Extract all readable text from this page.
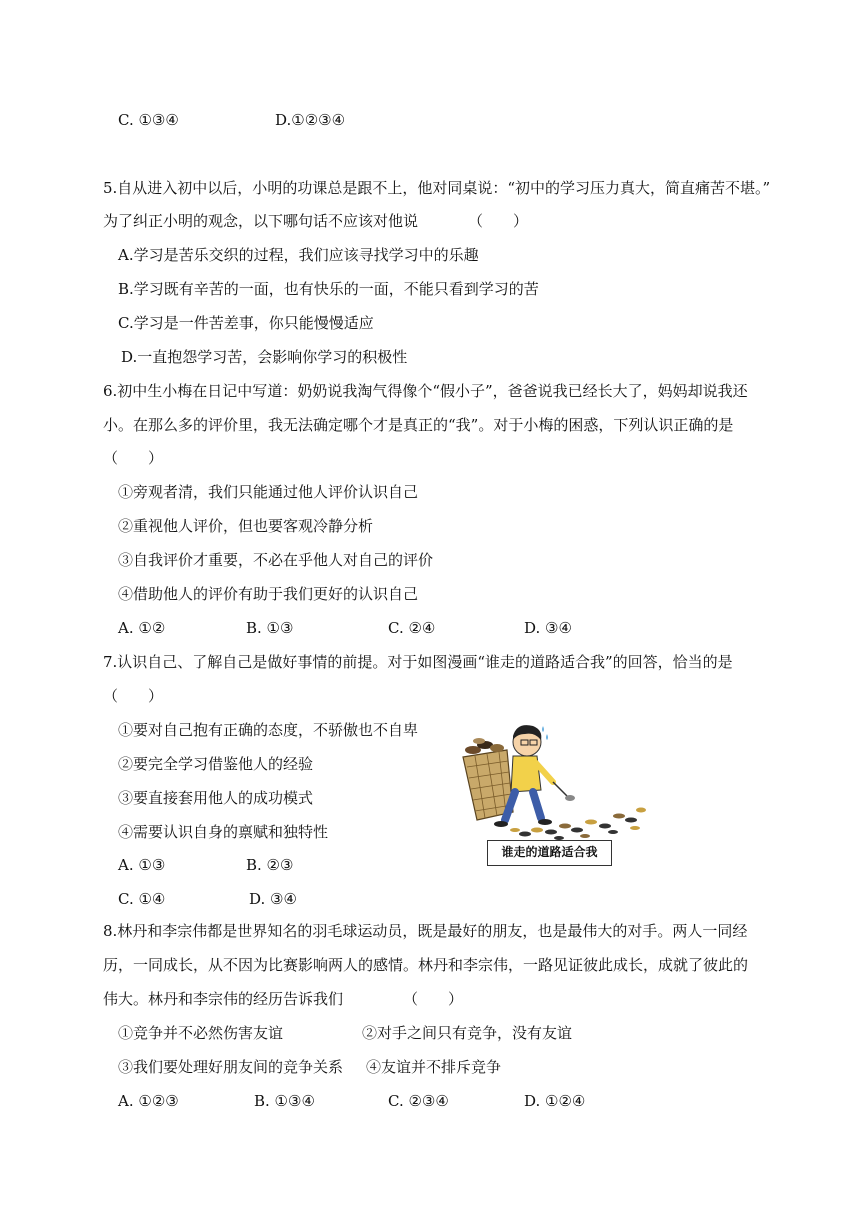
C. ①③④	D.①②③④
5.自从进入初中以后，小明的功课总是跟不上，他对同桌说：“初中的学习压力真大，简直痛苦不堪。”
为了纠正小明的观念，以下哪句话不应该对他说	（　　）
A.学习是苦乐交织的过程，我们应该寻找学习中的乐趣
B.学习既有辛苦的一面，也有快乐的一面，不能只看到学习的苦
C.学习是一件苦差事，你只能慢慢适应
D.一直抱怨学习苦，会影响你学习的积极性
6.初中生小梅在日记中写道：奶奶说我淘气得像个“假小子”，爸爸说我已经长大了，妈妈却说我还
小。在那么多的评价里，我无法确定哪个才是真正的“我”。对于小梅的困惑，下列认识正确的是
（　　）
①旁观者清，我们只能通过他人评价认识自己
②重视他人评价，但也要客观冷静分析
③自我评价才重要，不必在乎他人对自己的评价
④借助他人的评价有助于我们更好的认识自己
A. ①②	B. ①③	C. ②④	D. ③④
7.认识自己、了解自己是做好事情的前提。对于如图漫画“谁走的道路适合我”的回答，恰当的是
（　　）
①要对自己抱有正确的态度，不骄傲也不自卑
②要完全学习借鉴他人的经验
③要直接套用他人的成功模式
④需要认识自身的禀赋和独特性
A. ①③	B. ②③
C. ①④	D. ③④
谁走的道路适合我
8.林丹和李宗伟都是世界知名的羽毛球运动员，既是最好的朋友，也是最伟大的对手。两人一同经
历，一同成长，从不因为比赛影响两人的感情。林丹和李宗伟，一路见证彼此成长，成就了彼此的
伟大。林丹和李宗伟的经历告诉我们	（　　）
①竞争并不必然伤害友谊	②对手之间只有竞争，没有友谊
③我们要处理好朋友间的竞争关系 ④友谊并不排斥竞争
A. ①②③	B. ①③④	C. ②③④	D. ①②④
